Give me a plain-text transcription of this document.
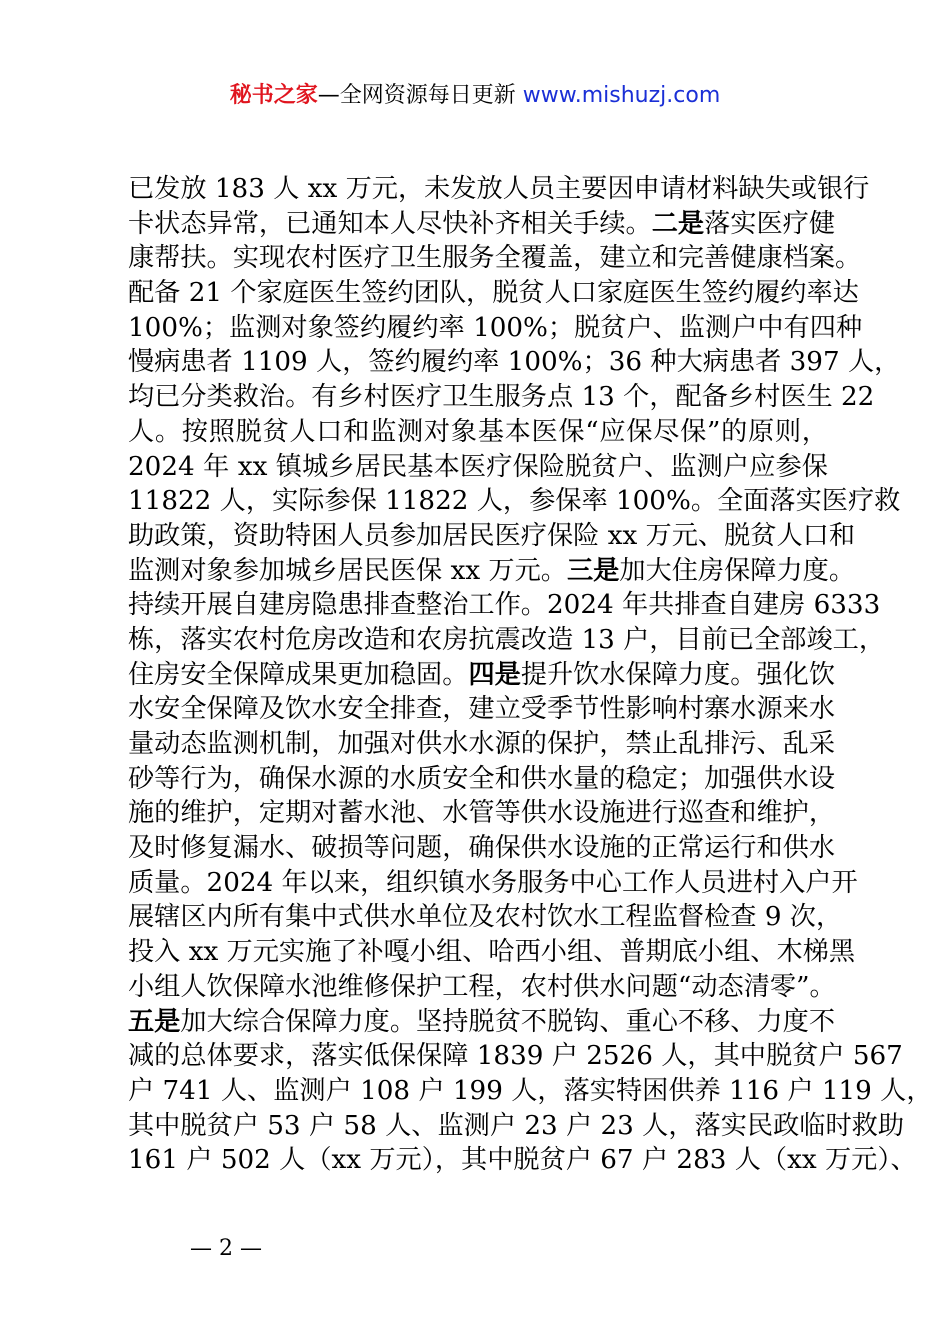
秘书之家—全网资源每日更新 www.mishuzj.com
已发放 183 人 xx 万元，未发放人员主要因申请材料缺失或银行
卡状态异常，已通知本人尽快补齐相关手续。二是落实医疗健
康帮扶。实现农村医疗卫生服务全覆盖，建立和完善健康档案。
配备 21 个家庭医生签约团队，脱贫人口家庭医生签约履约率达
100%；监测对象签约履约率 100%；脱贫户、监测户中有四种
慢病患者 1109 人，签约履约率 100%；36 种大病患者 397 人，
均已分类救治。有乡村医疗卫生服务点 13 个，配备乡村医生 22
人。按照脱贫人口和监测对象基本医保“应保尽保”的原则，
2024 年 xx 镇城乡居民基本医疗保险脱贫户、监测户应参保
11822 人，实际参保 11822 人，参保率 100%。全面落实医疗救
助政策，资助特困人员参加居民医疗保险 xx 万元、脱贫人口和
监测对象参加城乡居民医保 xx 万元。三是加大住房保障力度。
持续开展自建房隐患排查整治工作。2024 年共排查自建房 6333
栋，落实农村危房改造和农房抗震改造 13 户，目前已全部竣工，
住房安全保障成果更加稳固。四是提升饮水保障力度。强化饮
水安全保障及饮水安全排查，建立受季节性影响村寨水源来水
量动态监测机制，加强对供水水源的保护，禁止乱排污、乱采
砂等行为，确保水源的水质安全和供水量的稳定；加强供水设
施的维护，定期对蓄水池、水管等供水设施进行巡查和维护，
及时修复漏水、破损等问题，确保供水设施的正常运行和供水
质量。2024 年以来，组织镇水务服务中心工作人员进村入户开
展辖区内所有集中式供水单位及农村饮水工程监督检查 9 次，
投入 xx 万元实施了补嘎小组、哈西小组、普期底小组、木梯黑
小组人饮保障水池维修保护工程，农村供水问题“动态清零”。
五是加大综合保障力度。坚持脱贫不脱钩、重心不移、力度不
减的总体要求，落实低保保障 1839 户 2526 人，其中脱贫户 567
户 741 人、监测户 108 户 199 人，落实特困供养 116 户 119 人，
其中脱贫户 53 户 58 人、监测户 23 户 23 人，落实民政临时救助
161 户 502 人（xx 万元），其中脱贫户 67 户 283 人（xx 万元）、
— 2 —
